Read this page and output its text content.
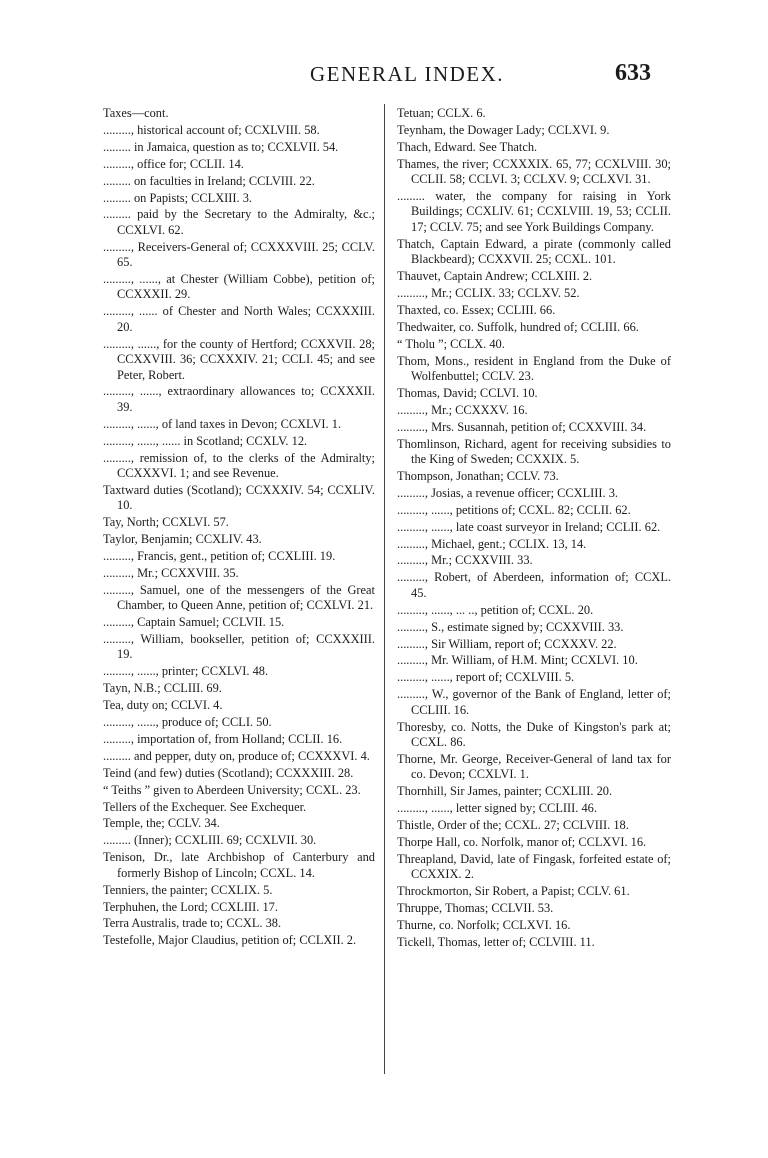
GENERAL INDEX.	633
Taxes—cont.
........., historical account of; CCXLVIII. 58.
......... in Jamaica, question as to; CCXLVII. 54.
........., office for; CCLII. 14.
......... on faculties in Ireland; CCLVIII. 22.
......... on Papists; CCLXIII. 3.
......... paid by the Secretary to the Admiralty, &c.; CCXLVI. 62.
........., Receivers-General of; CCXXXVIII. 25; CCLV. 65.
........., ......, at Chester (William Cobbe), petition of; CCXXXII. 29.
........., ...... of Chester and North Wales; CCXXXIII. 20.
........., ......, for the county of Hertford; CCXXVII. 28; CCXXVIII. 36; CCXXXIV. 21; CCLI. 45; and see Peter, Robert.
........., ......, extraordinary allowances to; CCXXXII. 39.
........., ......, of land taxes in Devon; CCXLVI. 1.
........., ......, ...... in Scotland; CCXLV. 12.
........., remission of, to the clerks of the Admiralty; CCXXXVI. 1; and see Revenue.
Taxtward duties (Scotland); CCXXXIV. 54; CCXLIV. 10.
Tay, North; CCXLVI. 57.
Taylor, Benjamin; CCXLIV. 43.
........., Francis, gent., petition of; CCXLIII. 19.
........., Mr.; CCXXVIII. 35.
........., Samuel, one of the messengers of the Great Chamber, to Queen Anne, petition of; CCXLVI. 21.
........., Captain Samuel; CCLVII. 15.
........., William, bookseller, petition of; CCXXXIII. 19.
........., ......, printer; CCXLVI. 48.
Tayn, N.B.; CCLIII. 69.
Tea, duty on; CCLVI. 4.
........., ......, produce of; CCLI. 50.
........., importation of, from Holland; CCLII. 16.
......... and pepper, duty on, produce of; CCXXXVI. 4.
Teind (and few) duties (Scotland); CCXXXIII. 28.
“ Teiths ” given to Aberdeen University; CCXL. 23.
Tellers of the Exchequer. See Exchequer.
Temple, the; CCLV. 34.
......... (Inner); CCXLIII. 69; CCXLVII. 30.
Tenison, Dr., late Archbishop of Canterbury and formerly Bishop of Lincoln; CCXL. 14.
Tenniers, the painter; CCXLIX. 5.
Terphuhen, the Lord; CCXLIII. 17.
Terra Australis, trade to; CCXL. 38.
Testefolle, Major Claudius, petition of; CCLXII. 2.
Tetuan; CCLX. 6.
Teynham, the Dowager Lady; CCLXVI. 9.
Thach, Edward. See Thatch.
Thames, the river; CCXXXIX. 65, 77; CCXLVIII. 30; CCLII. 58; CCLVI. 3; CCLXV. 9; CCLXVI. 31.
......... water, the company for raising in York Buildings; CCXLIV. 61; CCXLVIII. 19, 53; CCLII. 17; CCLV. 75; and see York Buildings Company.
Thatch, Captain Edward, a pirate (commonly called Blackbeard); CCXXVII. 25; CCXL. 101.
Thauvet, Captain Andrew; CCLXIII. 2.
........., Mr.; CCLIX. 33; CCLXV. 52.
Thaxted, co. Essex; CCLIII. 66.
Thedwaiter, co. Suffolk, hundred of; CCLIII. 66.
“ Tholu ”; CCLX. 40.
Thom, Mons., resident in England from the Duke of Wolfenbuttel; CCLV. 23.
Thomas, David; CCLVI. 10.
........., Mr.; CCXXXV. 16.
........., Mrs. Susannah, petition of; CCXXVIII. 34.
Thomlinson, Richard, agent for receiving subsidies to the King of Sweden; CCXXIX. 5.
Thompson, Jonathan; CCLV. 73.
........., Josias, a revenue officer; CCXLIII. 3.
........., ......, petitions of; CCXL. 82; CCLII. 62.
........., ......, late coast surveyor in Ireland; CCLII. 62.
........., Michael, gent.; CCLIX. 13, 14.
........., Mr.; CCXXVIII. 33.
........., Robert, of Aberdeen, information of; CCXL. 45.
........., ......, ... .., petition of; CCXL. 20.
........., S., estimate signed by; CCXXVIII. 33.
........., Sir William, report of; CCXXXV. 22.
........., Mr. William, of H.M. Mint; CCXLVI. 10.
........., ......, report of; CCXLVIII. 5.
........., W., governor of the Bank of England, letter of; CCLIII. 16.
Thoresby, co. Notts, the Duke of Kingston's park at; CCXL. 86.
Thorne, Mr. George, Receiver-General of land tax for co. Devon; CCXLVI. 1.
Thornhill, Sir James, painter; CCXLIII. 20.
........., ......, letter signed by; CCLIII. 46.
Thistle, Order of the; CCXL. 27; CCLVIII. 18.
Thorpe Hall, co. Norfolk, manor of; CCLXVI. 16.
Threapland, David, late of Fingask, forfeited estate of; CCXXIX. 2.
Throckmorton, Sir Robert, a Papist; CCLV. 61.
Thruppe, Thomas; CCLVII. 53.
Thurne, co. Norfolk; CCLXVI. 16.
Tickell, Thomas, letter of; CCLVIII. 11.
